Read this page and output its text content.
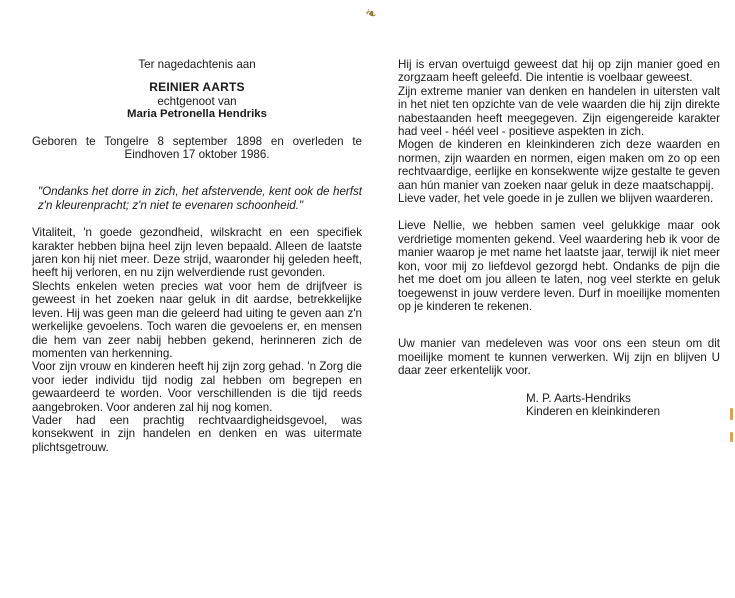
❧
Ter nagedachtenis aan
REINIER AARTS
echtgenoot van
Maria Petronella Hendriks
Geboren te Tongelre 8 september 1898 en overleden te Eindhoven 17 oktober 1986.
"Ondanks het dorre in zich, het afstervende, kent ook de herfst z'n kleurenpracht; z'n niet te evenaren schoonheid."

Vitaliteit, 'n goede gezondheid, wilskracht en een specifiek karakter hebben bijna heel zijn leven bepaald. Alleen de laatste jaren kon hij niet meer. Deze strijd, waaronder hij geleden heeft, heeft hij verloren, en nu zijn welverdiende rust gevonden.

Slechts enkelen weten precies wat voor hem de drijfveer is geweest in het zoeken naar geluk in dit aardse, betrekkelijke leven. Hij was geen man die geleerd had uiting te geven aan z'n werkelijke gevoelens. Toch waren die gevoelens er, en mensen die hem van zeer nabij hebben gekend, herinneren zich de momenten van herkenning.

Voor zijn vrouw en kinderen heeft hij zijn zorg gehad. 'n Zorg die voor ieder individu tijd nodig zal hebben om begrepen en gewaardeerd te worden. Voor verschillenden is die tijd reeds aangebroken. Voor anderen zal hij nog komen.

Vader had een prachtig rechtvaardigheidsgevoel, was konsekwent in zijn handelen en denken en was uitermate plichtsgetrouw.

Hij is ervan overtuigd geweest dat hij op zijn manier goed en zorgzaam heeft geleefd. Die intentie is voelbaar geweest.

Zijn extreme manier van denken en handelen in uitersten valt in het niet ten opzichte van de vele waarden die hij zijn direkte nabestaanden heeft meegegeven. Zijn eigengereide karakter had veel - héél veel - positieve aspekten in zich.

Mogen de kinderen en kleinkinderen zich deze waarden en normen, zijn waarden en normen, eigen maken om zo op een rechtvaardige, eerlijke en konsekwente wijze gestalte te geven aan hún manier van zoeken naar geluk in deze maatschappij.

Lieve vader, het vele goede in je zullen we blijven waarderen.

Lieve Nellie, we hebben samen veel gelukkige maar ook verdrietige momenten gekend. Veel waardering heb ik voor de manier waarop je met name het laatste jaar, terwijl ik niet meer kon, voor mij zo liefdevol gezorgd hebt. Ondanks de pijn die het me doet om jou alleen te laten, nog veel sterkte en geluk toegewenst in jouw verdere leven. Durf in moeilijke momenten op je kinderen te rekenen.

Uw manier van medeleven was voor ons een steun om dit moeilijke moment te kunnen verwerken. Wij zijn en blijven U daar zeer erkentelijk voor.

M. P. Aarts-Hendriks
Kinderen en kleinkinderen
